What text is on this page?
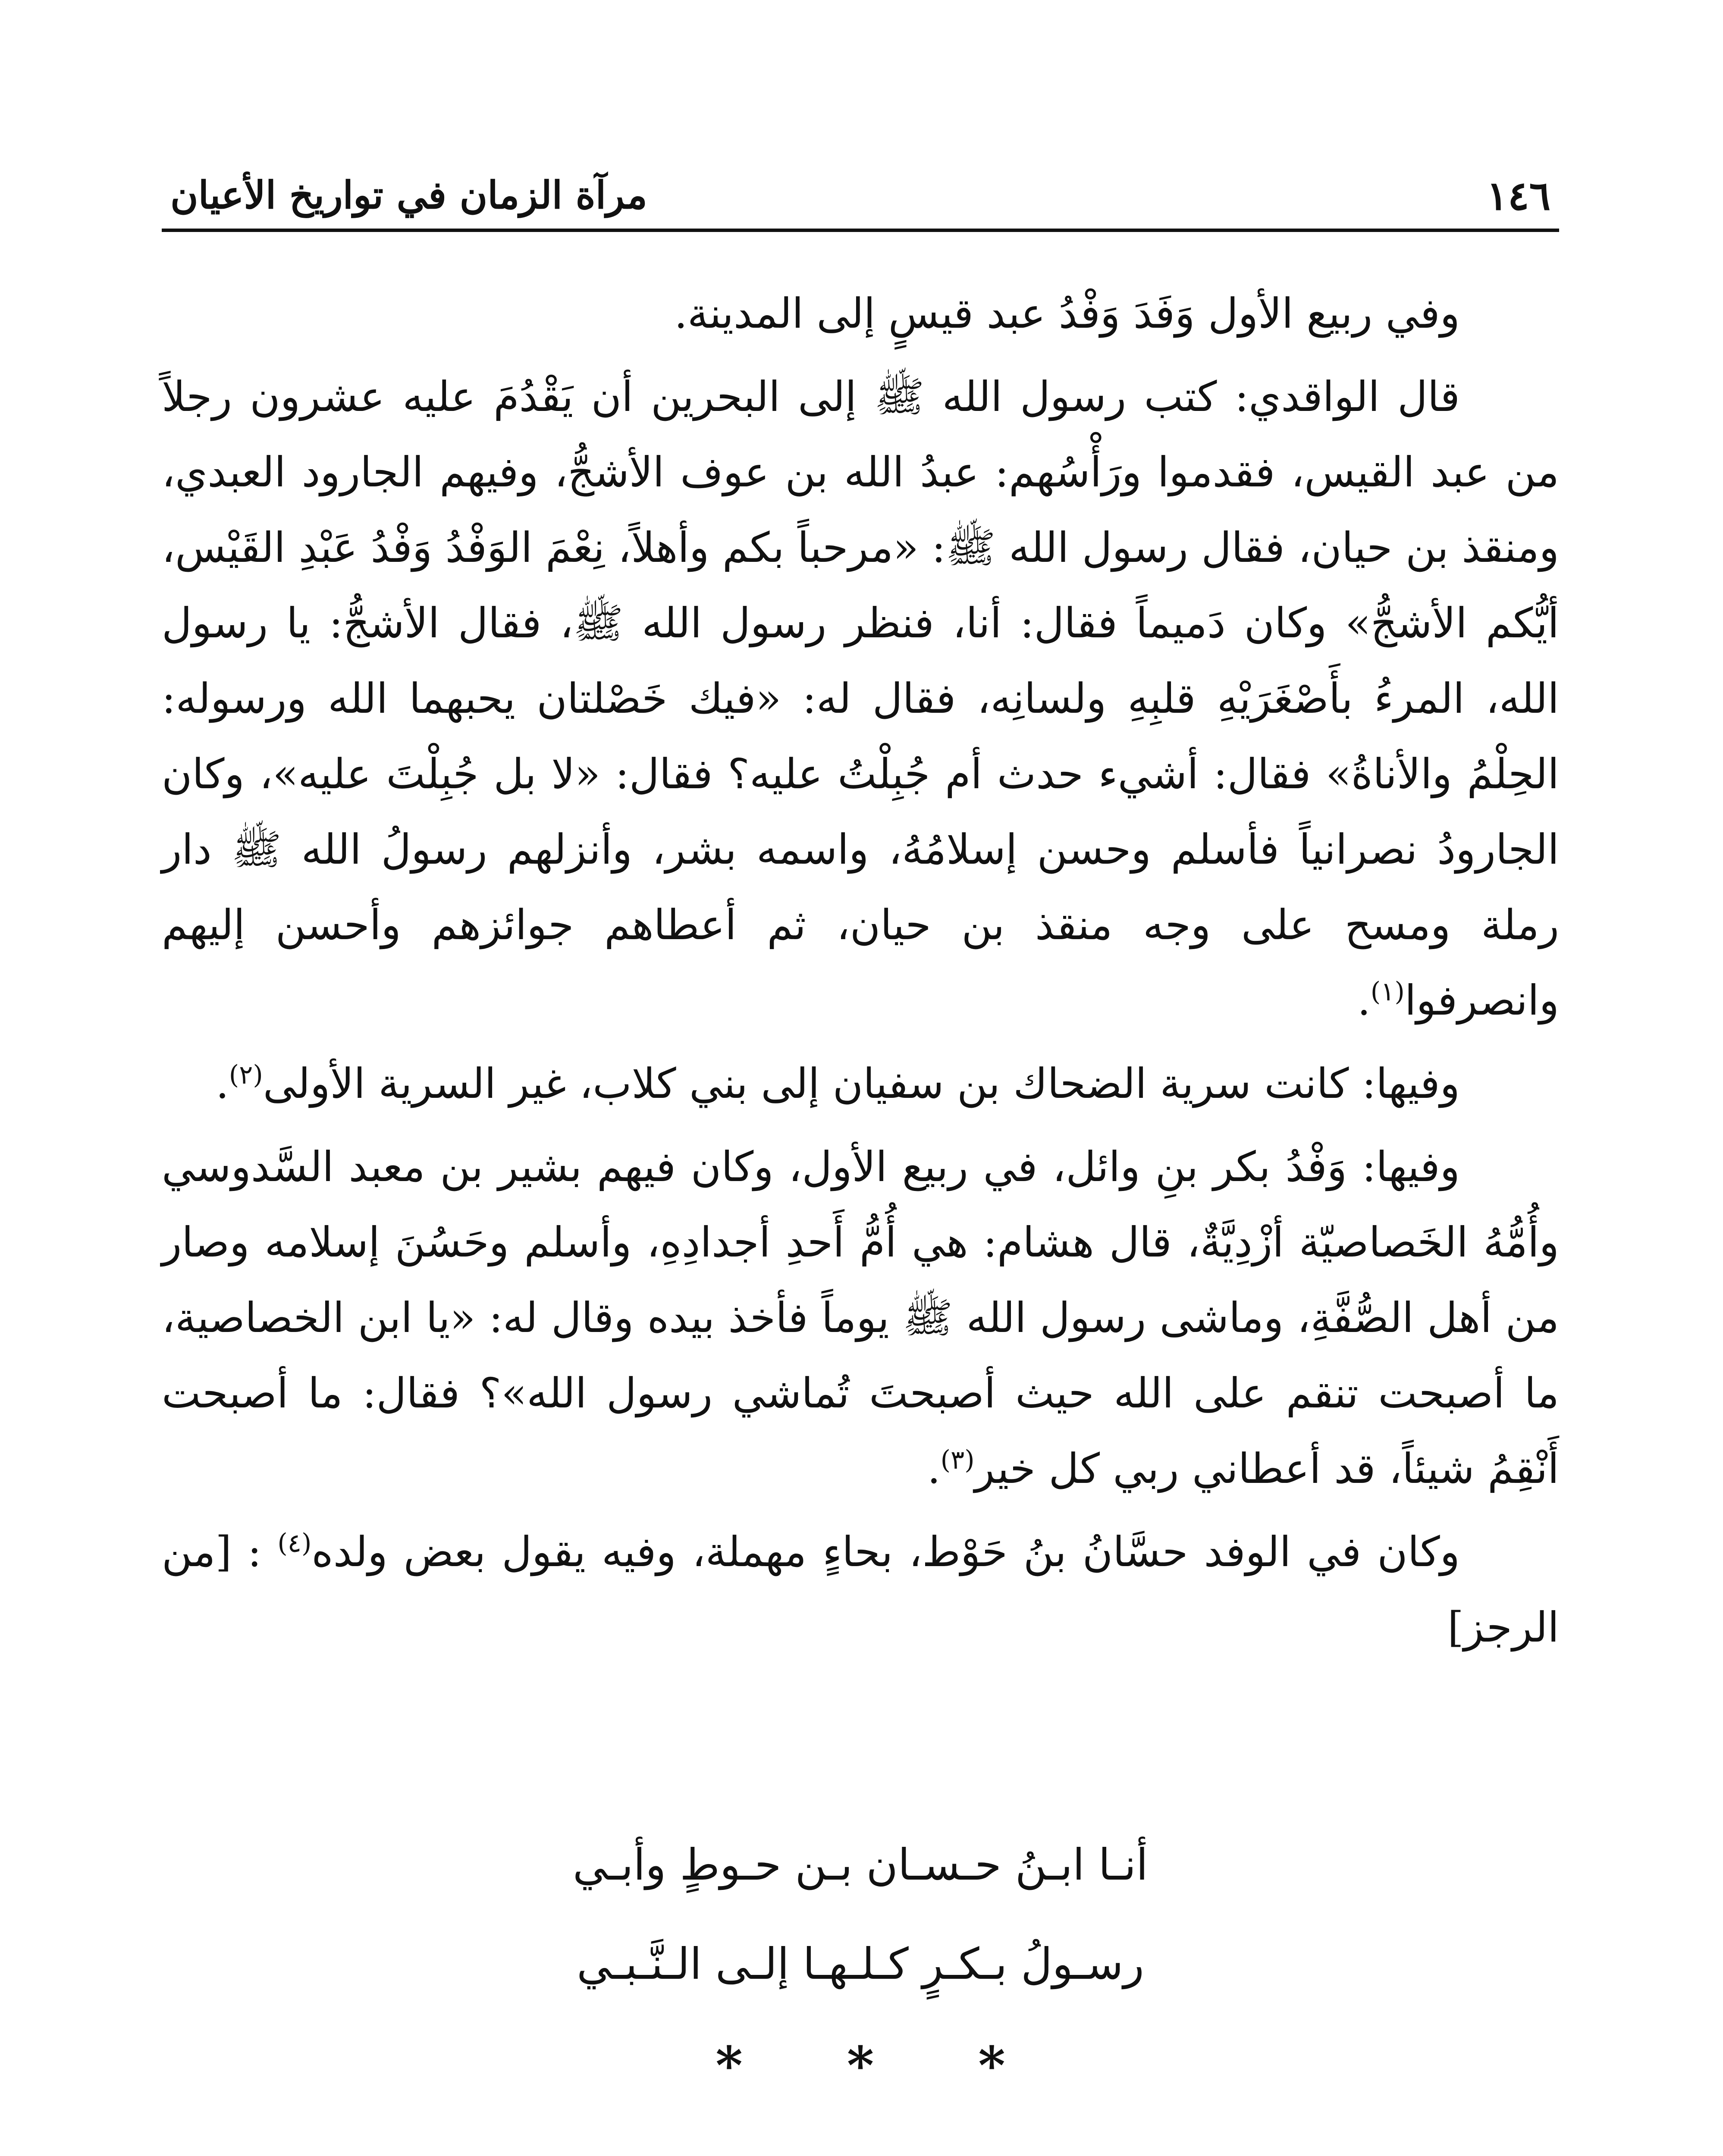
١٤٦
مرآة الزمان في تواريخ الأعيان

وفي ربيع الأول وَفَدَ وَفْدُ عبد قيسٍ إلى المدينة.

قال الواقدي: كتب رسول الله ﷺ إلى البحرين أن يَقْدُمَ عليه عشرون رجلاً من عبد القيس، فقدموا ورَأْسُهم: عبدُ الله بن عوف الأشجُّ، وفيهم الجارود العبدي، ومنقذ بن حيان، فقال رسول الله ﷺ: «مرحباً بكم وأهلاً، نِعْمَ الوَفْدُ وَفْدُ عَبْدِ القَيْس، أيُّكم الأشجُّ» وكان دَميماً فقال: أنا، فنظر رسول الله ﷺ، فقال الأشجُّ: يا رسول الله، المرءُ بأَصْغَرَيْهِ قلبِهِ ولسانِه، فقال له: «فيك خَصْلتان يحبهما الله ورسوله: الحِلْمُ والأناةُ» فقال: أشيء حدث أم جُبِلْتُ عليه؟ فقال: «لا بل جُبِلْتَ عليه»، وكان الجارودُ نصرانياً فأسلم وحسن إسلامُهُ، واسمه بشر، وأنزلهم رسولُ الله ﷺ دار رملة ومسح على وجه منقذ بن حيان، ثم أعطاهم جوائزهم وأحسن إليهم وانصرفوا$^{(١)}$.

وفيها: كانت سرية الضحاك بن سفيان إلى بني كلاب، غير السرية الأولى$^{(٢)}$.

وفيها: وَفْدُ بكر بنِ وائل، في ربيع الأول، وكان فيهم بشير بن معبد السَّدوسي وأُمُّهُ الخَصاصيّة أزْدِيَّةٌ، قال هشام: هي أُمُّ أَحدِ أجدادِهِ، وأسلم وحَسُنَ إسلامه وصار من أهل الصُّفَّةِ، وماشى رسول الله ﷺ يوماً فأخذ بيده وقال له: «يا ابن الخصاصية، ما أصبحت تنقم على الله حيث أصبحتَ تُماشي رسول الله»؟ فقال: ما أصبحت أَنْقِمُ شيئاً، قد أعطاني ربي كل خير$^{(٣)}$.

وكان في الوفد حسَّانُ بنُ حَوْط، بحاءٍ مهملة، وفيه يقول بعض ولده$^{(٤)}$ : [من الرجز]

أنـا ابـنُ حـسـان بـن حـوطٍ وأبـي
رسـولُ بـكـرٍ كـلـهـا إلـى الـنَّـبـي
* * *
